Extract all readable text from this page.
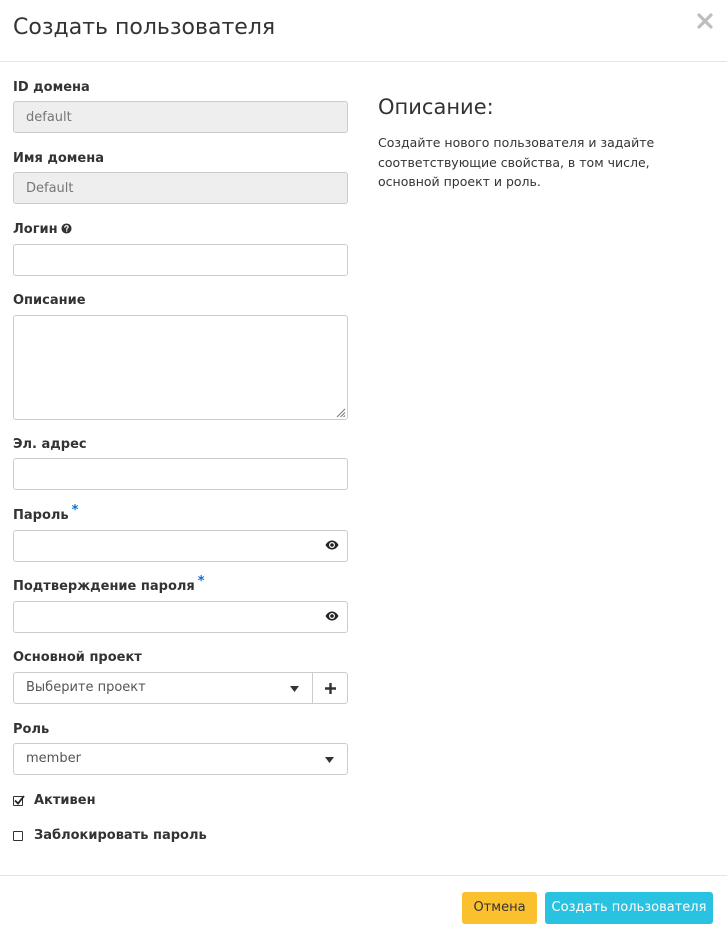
Создать пользователя
ID домена
default
Имя домена
Default
Логин
Описание
Эл. адрес
Пароль *
Подтверждение пароля *
Основной проект
Выберите проект
Роль
member
Активен
Заблокировать пароль
Описание:

Создайте нового пользователя и задайте соответствующие свойства, в том числе, основной проект и роль.

Отмена	Создать пользователя
